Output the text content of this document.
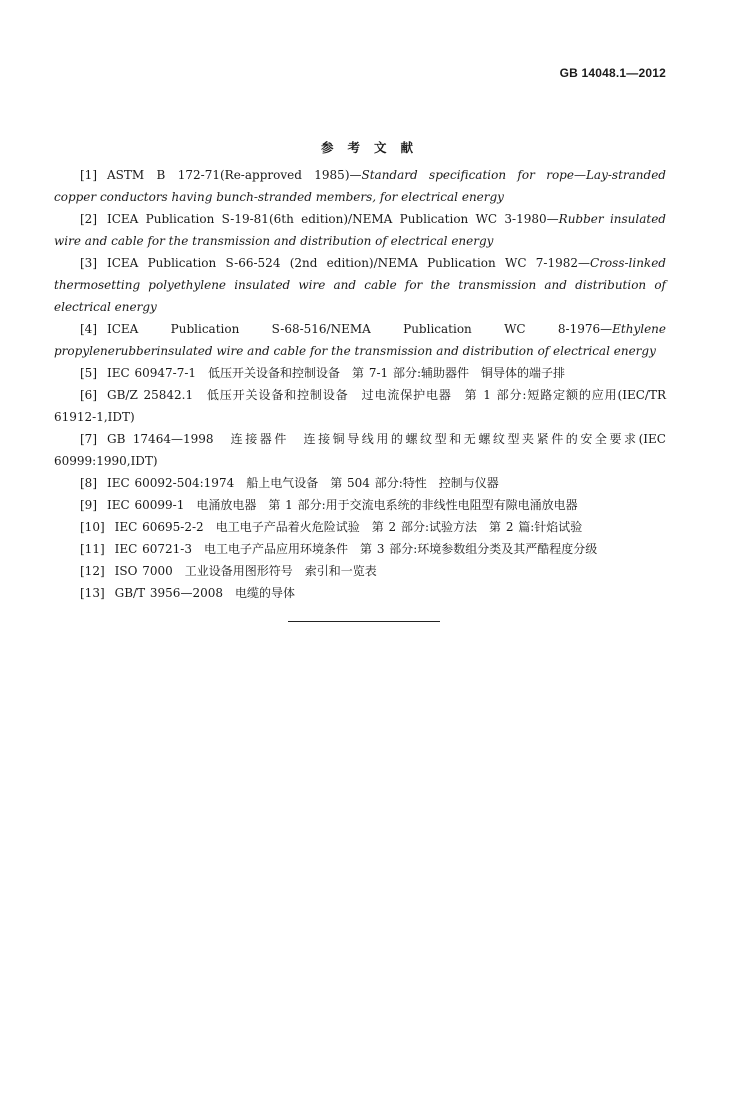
GB 14048.1—2012
参考文献
[1] ASTM B 172-71(Re-approved 1985)—Standard specification for rope—Lay-stranded copper conductors having bunch-stranded members, for electrical energy
[2] ICEA Publication S-19-81(6th edition)/NEMA Publication WC 3-1980—Rubber insulated wire and cable for the transmission and distribution of electrical energy
[3] ICEA Publication S-66-524 (2nd edition)/NEMA Publication WC 7-1982—Cross-linked thermosetting polyethylene insulated wire and cable for the transmission and distribution of electrical energy
[4] ICEA Publication S-68-516/NEMA Publication WC 8-1976—Ethylene propylenerubberinsulated wire and cable for the transmission and distribution of electrical energy
[5] IEC 60947-7-1　低压开关设备和控制设备　第 7-1 部分:辅助器件　铜导体的端子排
[6] GB/Z 25842.1　低压开关设备和控制设备　过电流保护电器　第 1 部分:短路定额的应用(IEC/TR 61912-1,IDT)
[7] GB 17464—1998　连接器件　连接铜导线用的螺纹型和无螺纹型夹紧件的安全要求(IEC 60999:1990,IDT)
[8] IEC 60092-504:1974　船上电气设备　第 504 部分:特性　控制与仪器
[9] IEC 60099-1　电涌放电器　第 1 部分:用于交流电系统的非线性电阻型有隙电涌放电器
[10] IEC 60695-2-2　电工电子产品着火危险试验　第 2 部分:试验方法　第 2 篇:针焰试验
[11] IEC 60721-3　电工电子产品应用环境条件　第 3 部分:环境参数组分类及其严酷程度分级
[12] ISO 7000　工业设备用图形符号　索引和一览表
[13] GB/T 3956—2008　电缆的导体
